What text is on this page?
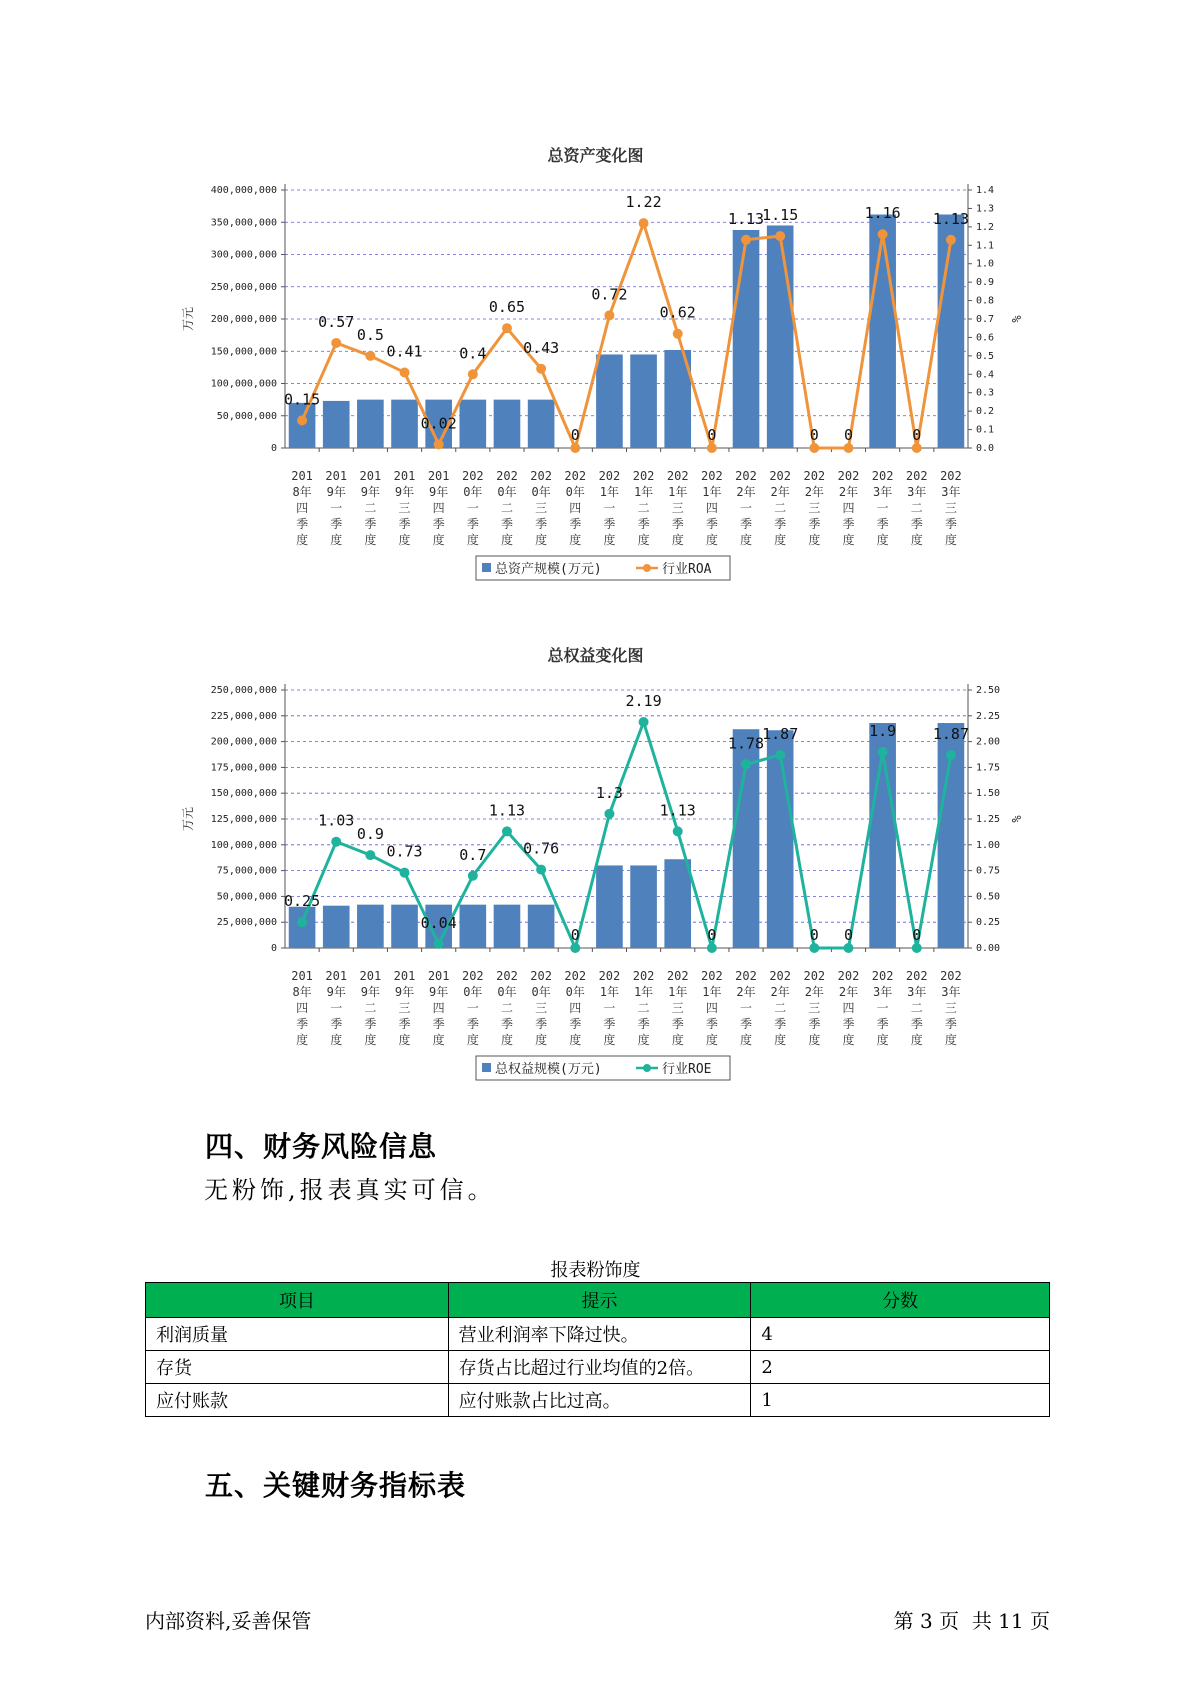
总资产变化图
0
50,000,000
100,000,000
150,000,000
200,000,000
250,000,000
300,000,000
350,000,000
400,000,000
0.0
0.1
0.2
0.3
0.4
0.5
0.6
0.7
0.8
0.9
1.0
1.1
1.2
1.3
1.4
万元	%
201
8年
四
季
度
201
9年
一
季
度
201
9年
二
季
度
201
9年
三
季
度
201
9年
四
季
度
202
0年
一
季
度
202
0年
二
季
度
202
0年
三
季
度
202
0年
四
季
度
202
1年
一
季
度
202
1年
二
季
度
202
1年
三
季
度
202
1年
四
季
度
202
2年
一
季
度
202
2年
二
季
度
202
2年
三
季
度
202
2年
四
季
度
202
3年
一
季
度
202
3年
二
季
度
202
3年
三
季
度
0.15
0.57
0.5
0.41
0.02
0.4
0.65
0.43
0
0.72
1.22
0.62
0
1.13
1.15
0 0
1.16
0
1.13
总资产规模(万元)	行业ROA
总权益变化图
0
25,000,000
50,000,000
75,000,000
100,000,000
125,000,000
150,000,000
175,000,000
200,000,000
225,000,000
250,000,000
0.00
0.25
0.50
0.75
1.00
1.25
1.50
1.75
2.00
2.25
2.50
万元	%
201
8年
四
季
度
201
9年
一
季
度
201
9年
二
季
度
201
9年
三
季
度
201
9年
四
季
度
202
0年
一
季
度
202
0年
二
季
度
202
0年
三
季
度
202
0年
四
季
度
202
1年
一
季
度
202
1年
二
季
度
202
1年
三
季
度
202
1年
四
季
度
202
2年
一
季
度
202
2年
二
季
度
202
2年
三
季
度
202
2年
四
季
度
202
3年
一
季
度
202
3年
二
季
度
202
3年
三
季
度
0.25
1.03
0.9
0.73
0.04
0.7
1.13
0.76
0
1.3
2.19
1.13
0
1.78
1.87
0 0
1.9
0
1.87
总权益规模(万元)	行业ROE
四、财务风险信息
无粉饰,报表真实可信。
报表粉饰度
项目	提示	分数
利润质量	营业利润率下降过快。	4
存货	存货占比超过行业均值的2倍。	2
应付账款	应付账款占比过高。	1
五、关键财务指标表
内部资料,妥善保管	第 3 页  共 11 页
